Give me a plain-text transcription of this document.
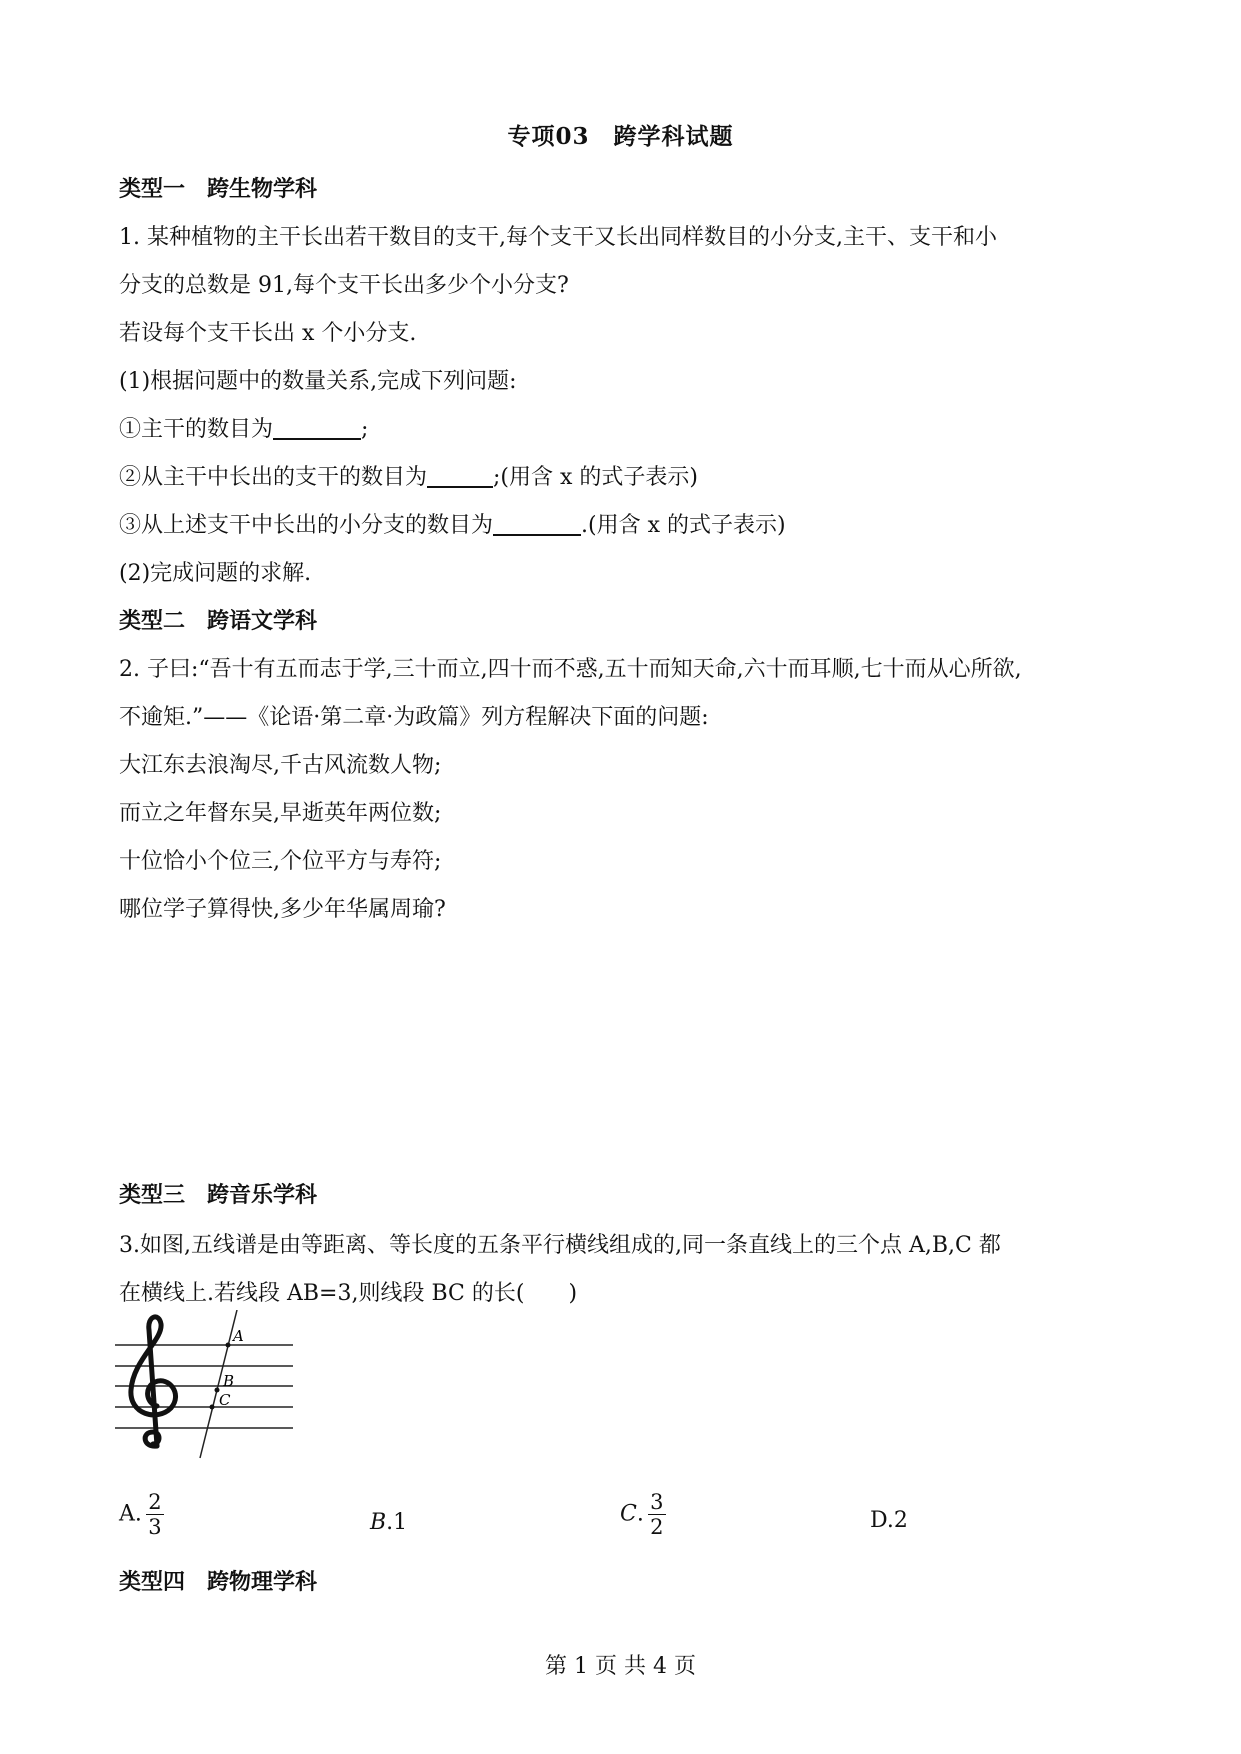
专项03　跨学科试题
类型一　跨生物学科
1. 某种植物的主干长出若干数目的支干,每个支干又长出同样数目的小分支,主干、支干和小
分支的总数是 91,每个支干长出多少个小分支?
若设每个支干长出 x 个小分支.
(1)根据问题中的数量关系,完成下列问题:
①主干的数目为	;
②从主干中长出的支干的数目为	;(用含 x 的式子表示)
③从上述支干中长出的小分支的数目为	.(用含 x 的式子表示)
(2)完成问题的求解.
类型二　跨语文学科
2. 子曰:“吾十有五而志于学,三十而立,四十而不惑,五十而知天命,六十而耳顺,七十而从心所欲,
不逾矩.”——《论语·第二章·为政篇》列方程解决下面的问题:
大江东去浪淘尽,千古风流数人物;
而立之年督东吴,早逝英年两位数;
十位恰小个位三,个位平方与寿符;
哪位学子算得快,多少年华属周瑜?
类型三　跨音乐学科
3.如图,五线谱是由等距离、等长度的五条平行横线组成的,同一条直线上的三个点 A,B,C 都
在横线上.若线段 AB=3,则线段 BC 的长(　　)
A
B
C
A. $\frac{2}{3}$	B.1	C. $\frac{3}{2}$	D.2
类型四　跨物理学科
第 1 页 共 4 页
